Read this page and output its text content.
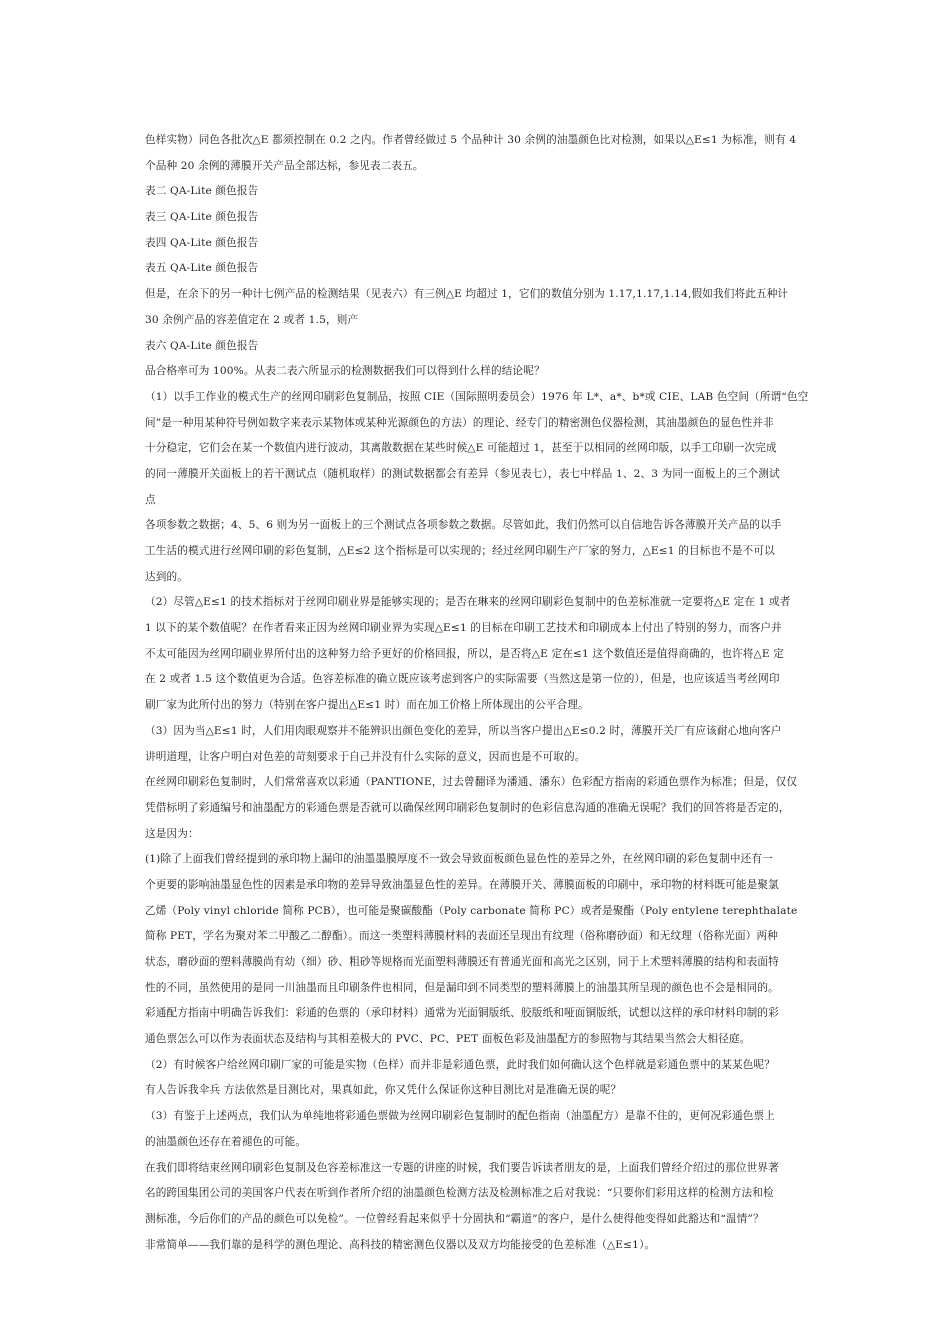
色样实物）同色各批次△E 都须控制在 0.2 之内。作者曾经做过 5 个品种计 30 余例的油墨颜色比对检测，如果以△E≤1 为标准，则有 4
个品种 20 余例的薄膜开关产品全部达标，参见表二表五。
表二 QA-Lite 颜色报告
表三 QA-Lite 颜色报告
表四 QA-Lite 颜色报告
表五 QA-Lite 颜色报告
但是，在余下的另一种计七例产品的检测结果（见表六）有三例△E 均超过 1，它们的数值分别为 1.17,1.17,1.14,假如我们将此五种计
30 余例产品的容差值定在 2 或者 1.5，则产
表六 QA-Lite 颜色报告
品合格率可为 100%。从表二表六所显示的检测数据我们可以得到什么样的结论呢？
（1）以手工作业的模式生产的丝网印刷彩色复制品，按照 CIE（国际照明委员会）1976 年 L*、a*、b*或 CIE、LAB 色空间（所谓“色空
间”是一种用某种符号例如数字来表示某物体或某种光源颜色的方法）的理论、经专门的精密测色仪器检测，其油墨颜色的显色性并非
十分稳定，它们会在某一个数值内进行波动，其离散数据在某些时候△E 可能超过 1，甚至于以相同的丝网印版，以手工印刷一次完成
的同一薄膜开关面板上的若干测试点（随机取样）的测试数据都会有差异（参见表七），表七中样品 1、2、3 为同一面板上的三个测试
点
各项参数之数据；4、5、6 则为另一面板上的三个测试点各项参数之数据。尽管如此，我们仍然可以自信地告诉各薄膜开关产品的以手
工生活的模式进行丝网印刷的彩色复制，△E≤2 这个指标是可以实现的；经过丝网印刷生产厂家的努力，△E≤1 的目标也不是不可以
达到的。
（2）尽管△E≤1 的技术指标对于丝网印刷业界是能够实现的；是否在琳来的丝网印刷彩色复制中的色差标准就一定要将△E 定在 1 或者
1 以下的某个数值呢？在作者看来正因为丝网印刷业界为实现△E≤1 的目标在印刷工艺技术和印刷成本上付出了特别的努力，而客户并
不太可能因为丝网印刷业界所付出的这种努力给予更好的价格回报，所以，是否将△E 定在≤1 这个数值还是值得商确的，也许将△E 定
在 2 或者 1.5 这个数值更为合适。色容差标准的确立既应该考虑到客户的实际需要（当然这是第一位的），但是，也应该适当考丝网印
刷厂家为此所付出的努力（特别在客户提出△E≤1 时）而在加工价格上所体现出的公平合理。
（3）因为当△E≤1 时，人们用肉眼观察并不能辨识出颜色变化的差异，所以当客户提出△E≤0.2 时，薄膜开关厂有应该耐心地向客户
讲明道理，让客户明白对色差的苛刻要求于自己并没有什么实际的意义，因而也是不可取的。
在丝网印刷彩色复制时，人们常常喜欢以彩通（PANTIONE，过去曾翻译为潘通、潘东）色彩配方指南的彩通色票作为标准；但是，仅仅
凭借标明了彩通编号和油墨配方的彩通色票是否就可以确保丝网印刷彩色复制时的色彩信息沟通的准确无误呢？我们的回答将是否定的，
这是因为：
(1)除了上面我们曾经提到的承印物上漏印的油墨墨膜厚度不一致会导致面板颜色显色性的差异之外，在丝网印刷的彩色复制中还有一
个更要的影响油墨显色性的因素是承印物的差异导致油墨显色性的差异。在薄膜开关、薄膜面板的印刷中，承印物的材料既可能是聚氯
乙烯（Poly vinyl chloride 简称 PCB），也可能是聚碳酸酯（Poly carbonate 简称 PC）或者是聚酯（Poly entylene terephthalate
简称 PET，学名为聚对苯二甲酸乙二醇酯）。而这一类塑料薄膜材料的表面还呈现出有纹理（俗称磨砂面）和无纹理（俗称光面）两种
状态，磨砂面的塑料薄膜尚有幼（细）砂、粗砂等规格而光面塑料薄膜还有普通光面和高光之区别，同于上术塑料薄膜的结构和表面特
性的不同，虽然使用的是同一川油墨而且印刷条件也相同，但是漏印到不同类型的塑料薄膜上的油墨其所呈现的颜色也不会是相同的。
彩通配方指南中明确告诉我们：彩通的色票的（承印材料）通常为光面铜版纸、胶版纸和哑面铜版纸，试想以这样的承印材料印制的彩
通色票怎么可以作为表面状态及结构与其相差极大的 PVC、PC、PET 面板色彩及油墨配方的参照物与其结果当然会大相径庭。
（2）有时候客户给丝网印刷厂家的可能是实物（色样）而并非是彩通色票，此时我们如何确认这个色样就是彩通色票中的某某色呢？
有人告诉我伞兵 方法依然是目测比对，果真如此，你又凭什么保证你这种目测比对是准确无误的呢？
（3）有鉴于上述两点，我们认为单纯地将彩通色票做为丝网印刷彩色复制时的配色指南（油墨配方）是靠不住的，更何况彩通色票上
的油墨颜色还存在着褪色的可能。
在我们即将结束丝网印刷彩色复制及色容差标准这一专题的讲座的时候，我们要告诉读者朋友的是，上面我们曾经介绍过的那位世界著
名的跨国集团公司的美国客户代表在听到作者所介绍的油墨颜色检测方法及检测标准之后对我说：“只要你们彩用这样的检测方法和检
测标准，今后你们的产品的颜色可以免检”。一位曾经看起来似乎十分固执和“霸道”的客户，是什么使得他变得如此豁达和“温情”？
非常简单——我们靠的是科学的测色理论、高科技的精密测色仪器以及双方均能接受的色差标准（△E≤1）。
